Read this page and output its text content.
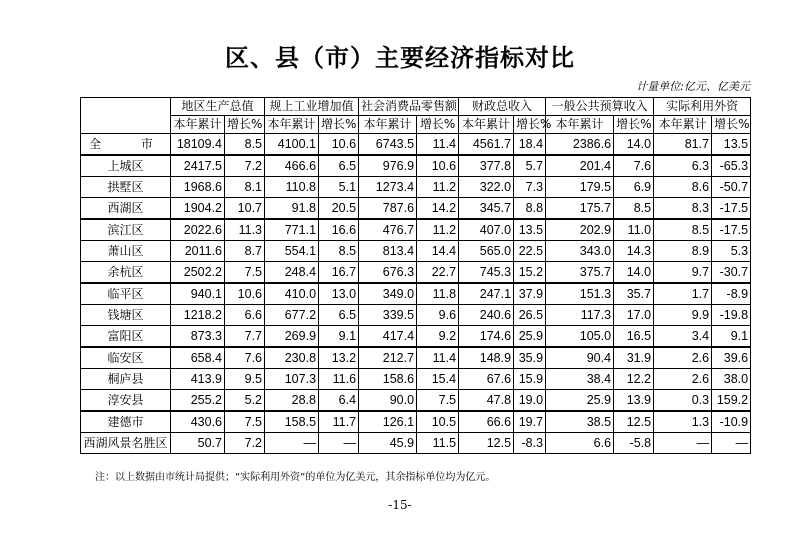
区、县（市）主要经济指标对比
计量单位:亿元、亿美元
	地区生产总值		规上工业增加值		社会消费品零售额		财政总收入		一般公共预算收入		实际利用外资	
	本年累计	增长%	本年累计	增长%	本年累计	增长%	本年累计	增长%	本年累计	增长%	本年累计	增长%
全 市	18109.4	8.5	4100.1	10.6	6743.5	11.4	4561.7	18.4	2386.6	14.0	81.7	13.5
上城区	2417.5	7.2	466.6	6.5	976.9	10.6	377.8	5.7	201.4	7.6	6.3	-65.3
拱墅区	1968.6	8.1	110.8	5.1	1273.4	11.2	322.0	7.3	179.5	6.9	8.6	-50.7
西湖区	1904.2	10.7	91.8	20.5	787.6	14.2	345.7	8.8	175.7	8.5	8.3	-17.5
滨江区	2022.6	11.3	771.1	16.6	476.7	11.2	407.0	13.5	202.9	11.0	8.5	-17.5
萧山区	2011.6	8.7	554.1	8.5	813.4	14.4	565.0	22.5	343.0	14.3	8.9	5.3
余杭区	2502.2	7.5	248.4	16.7	676.3	22.7	745.3	15.2	375.7	14.0	9.7	-30.7
临平区	940.1	10.6	410.0	13.0	349.0	11.8	247.1	37.9	151.3	35.7	1.7	-8.9
钱塘区	1218.2	6.6	677.2	6.5	339.5	9.6	240.6	26.5	117.3	17.0	9.9	-19.8
富阳区	873.3	7.7	269.9	9.1	417.4	9.2	174.6	25.9	105.0	16.5	3.4	9.1
临安区	658.4	7.6	230.8	13.2	212.7	11.4	148.9	35.9	90.4	31.9	2.6	39.6
桐庐县	413.9	9.5	107.3	11.6	158.6	15.4	67.6	15.9	38.4	12.2	2.6	38.0
淳安县	255.2	5.2	28.8	6.4	90.0	7.5	47.8	19.0	25.9	13.9	0.3	159.2
建德市	430.6	7.5	158.5	11.7	126.1	10.5	66.6	19.7	38.5	12.5	1.3	-10.9
西湖风景名胜区	50.7	7.2	—	—	45.9	11.5	12.5	-8.3	6.6	-5.8	—	—
注：以上数据由市统计局提供；“实际利用外资”的单位为亿美元，其余指标单位均为亿元。
-15-
